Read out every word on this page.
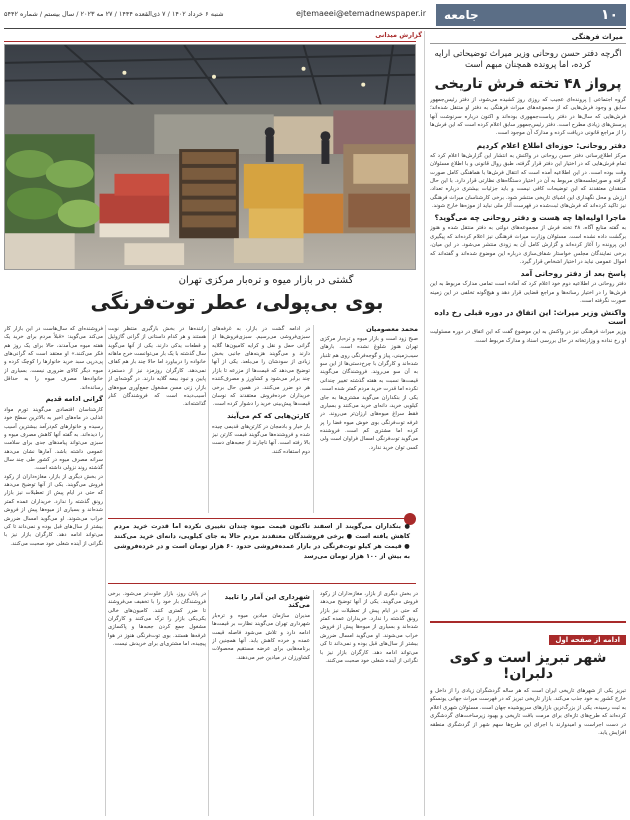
۱۰
جامعه
ejtemaeei@etemadnewspaper.ir
شنبه ۶ خرداد ۱۴۰۲ / ۷ ذی‌القعده ۱۴۴۴ / ۲۷ مه ۲۰۲۳ / سال بیستم / شماره ۵۴۴۲
میراث فرهنگی
اگرچه دفتر حسن روحانی وزیر میراث توضیحاتی ارایه کرده، اما پرونده همچنان مبهم است
پرواز ۴۸ تخته فرش تاریخی

گروه اجتماعی | پرونده‌ای عجیب که روزی روز کشیده می‌شود، از دفتر رئیس‌جمهور سابق و وجود فرش‌هایی که از مجموعه‌های میراث فرهنگی به دفتر او منتقل شده‌اند؛ فرش‌هایی که سال‌ها در دفتر ریاست‌جمهوری بوده‌اند و اکنون درباره سرنوشت آنها پرسش‌های زیادی مطرح است. دفتر رئیس‌جمهور سابق اعلام کرده است که این فرش‌ها را از مراجع قانونی دریافت کرده و مدارک آن موجود است.

دفتر روحانی: حوزه‌ای اطلاع اعلام کردیم

مرکز اطلاع‌رسانی دفتر حسن روحانی در واکنش به انتشار این گزارش‌ها اعلام کرد که تمام فرش‌هایی که در اختیار این دفتر قرار گرفته، طبق روال قانونی و با اطلاع مسئولان وقت بوده است. در این اطلاعیه آمده است که انتقال فرش‌ها با هماهنگی کامل صورت گرفته و صورتجلسه‌های مربوط به آن در اختیار دستگاه‌های نظارتی قرار دارد. با این حال منتقدان معتقدند که این توضیحات کافی نیست و باید جزئیات بیشتری درباره تعداد، ارزش و محل نگهداری این اشیای تاریخی منتشر شود. برخی کارشناسان میراث فرهنگی نیز تاکید کرده‌اند که فرش‌های ثبت‌شده در فهرست آثار ملی نباید از موزه‌ها خارج شوند.

ماجرا اولیه‌اها چه هست و دفتر روحانی چه می‌گوید؟

به گفته منابع آگاه، ۴۸ تخته فرش از مجموعه‌های دولتی به دفتر منتقل شده و هنوز برگشت داده نشده است. مسئولان وزارت میراث فرهنگی نیز اعلام کرده‌اند که پیگیری این پرونده را آغاز کرده‌اند و گزارش کامل آن به زودی منتشر می‌شود. در این میان، برخی نمایندگان مجلس خواستار شفاف‌سازی درباره این موضوع شده‌اند و گفته‌اند که اموال عمومی نباید در اختیار اشخاص قرار گیرد.

پاسخ بعد از دفتر روحانی آمد

دفتر روحانی در اطلاعیه دوم خود اعلام کرد که آماده است تمامی مدارک مربوط به این فرش‌ها را در اختیار رسانه‌ها و مراجع قضایی قرار دهد و هیچ‌گونه تخلفی در این زمینه صورت نگرفته است.

واکنش وزیر میراث: این اتفاق در دوره قبلی رخ داده است

وزیر میراث فرهنگی نیز در واکنش به این موضوع گفت که این اتفاق در دوره مسئولیت او رخ نداده و وزارتخانه در حال بررسی اسناد و مدارک مربوط است.

ادامه از صفحه اول
شهر تبریز است و کوی دلبران!

تبریز یکی از شهرهای تاریخی ایران است که هر ساله گردشگران زیادی را از داخل و خارج کشور به خود جذب می‌کند. بازار تاریخی تبریز که در فهرست میراث جهانی یونسکو به ثبت رسیده، یکی از بزرگ‌ترین بازارهای سرپوشیده جهان است. مسئولان شهری اعلام کرده‌اند که طرح‌های تازه‌ای برای مرمت بافت تاریخی و بهبود زیرساخت‌های گردشگری در دست اجراست و امیدوارند با اجرای این طرح‌ها سهم شهر از گردشگری منطقه افزایش یابد.

گزارش میدانی
گشتی در بازار میوه و تره‌بار مرکزی تهران
بوی بی‌پولی، عطر توت‌فرنگی
محمد معصومیان

صبح زود است و بازار میوه و تره‌بار مرکزی تهران هنوز شلوغ نشده است. بارهای سیب‌زمینی، پیاز و گوجه‌فرنگی روی هم تلنبار شده‌اند و کارگران با چرخ‌دستی‌ها از این سو به آن سو می‌روند. فروشندگان می‌گویند قیمت‌ها نسبت به هفته گذشته تغییر چندانی نکرده اما قدرت خرید مردم کمتر شده است. یکی از بنکداران می‌گوید مشتری‌ها به جای کیلویی خرید، دانه‌ای خرید می‌کنند و بسیاری فقط سراغ میوه‌های ارزان‌تر می‌روند. در غرفه توت‌فرنگی بوی خوش میوه فضا را پر کرده اما مشتری کم است. فروشنده می‌گوید توت‌فرنگی امسال فراوان است ولی کسی توان خرید ندارد.

در ادامه گشت در بازار، به غرفه‌های سبزی‌فروشی می‌رسیم. سبزی‌فروش‌ها از گرانی حمل و نقل و کرایه کامیون‌ها گلایه دارند و می‌گویند هزینه‌های جانبی بخش زیادی از سودشان را می‌بلعد. یکی از آنها توضیح می‌دهد که قیمت‌ها از مزرعه تا بازار چند برابر می‌شود و کشاورز و مصرف‌کننده هر دو ضرر می‌کنند. در همین حال برخی خریداران خرده‌فروش معتقدند که نوسان قیمت‌ها پیش‌بینی خرید را دشوار کرده است.

کارتن‌هایی که کم می‌آیند

بار خیار و بادمجان در کارتن‌های قدیمی چیده شده و فروشنده‌ها می‌گویند قیمت کارتن نیز بالا رفته است. آنها ناچارند از جعبه‌های دست دوم استفاده کنند.

راننده‌ها در بخش بارگیری منتظر نوبت هستند و هر کدام داستانی از گرانی گازوئیل و قطعات یدکی دارند. یکی از آنها می‌گوید سال گذشته با یک بار می‌توانست خرج ماهانه خانواده را دربیاورد اما حالا چند بار هم کفاف نمی‌دهد. کارگران روزمزد نیز از دستمزد پایین و نبود بیمه گلایه دارند. در گوشه‌ای از بازار، زنی مسن مشغول جمع‌آوری میوه‌های آسیب‌دیده است که فروشندگان کنار گذاشته‌اند.

فروشنده‌ای که سال‌هاست در این بازار کار می‌کند می‌گوید: «قبلاً مردم برای خرید یک هفته میوه می‌آمدند، حالا برای یک روز هم فکر می‌کنند.» او معتقد است که گرانی‌های پی‌درپی سبد خرید خانوارها را کوچک کرده و میوه دیگر کالای ضروری نیست. بسیاری از خانواده‌ها مصرف میوه را به حداقل رسانده‌اند.

گرانی ادامه قدیم

کارشناسان اقتصادی می‌گویند تورم مواد غذایی در ماه‌های اخیر به بالاترین سطح خود رسیده و خانوارهای کم‌درآمد بیشترین آسیب را دیده‌اند. به گفته آنها کاهش مصرف میوه و سبزی می‌تواند پیامدهای جدی برای سلامت عمومی داشته باشد. آمارها نشان می‌دهد سرانه مصرف میوه در کشور طی چند سال گذشته روند نزولی داشته است.

در بخش دیگری از بازار، مغازه‌داران از رکود فروش می‌گویند. یکی از آنها توضیح می‌دهد که حتی در ایام پیش از تعطیلات نیز بازار رونق گذشته را ندارد. خریداران عمده کمتر شده‌اند و بسیاری از میوه‌ها پیش از فروش خراب می‌شوند. او می‌گوید امسال ضررش بیشتر از سال‌های قبل بوده و نمی‌داند تا کی می‌تواند ادامه دهد. کارگران بازار نیز با نگرانی از آینده شغلی خود صحبت می‌کنند.

● بنکداران می‌گویند از اسفند تاکنون قیمت میوه چندان تغییری نکرده اما قدرت خرید مردم کاهش یافته است ● برخی فروشندگان معتقدند مردم حالا به جای کیلویی، دانه‌ای خرید می‌کنند ● قیمت هر کیلو توت‌فرنگی در بازار عمده‌فروشی حدود ۶۰ هزار تومان است و در خرده‌فروشی به بیش از ۱۰۰ هزار تومان می‌رسد

در بخش دیگری از بازار، مغازه‌داران از رکود فروش می‌گویند. یکی از آنها توضیح می‌دهد که حتی در ایام پیش از تعطیلات نیز بازار رونق گذشته را ندارد. خریداران عمده کمتر شده‌اند و بسیاری از میوه‌ها پیش از فروش خراب می‌شوند. او می‌گوید امسال ضررش بیشتر از سال‌های قبل بوده و نمی‌داند تا کی می‌تواند ادامه دهد. کارگران بازار نیز با نگرانی از آینده شغلی خود صحبت می‌کنند.

شهرداری این آمار را تایید می‌کند

مدیران سازمان میادین میوه و تره‌بار شهرداری تهران می‌گویند نظارت بر قیمت‌ها ادامه دارد و تلاش می‌شود فاصله قیمت عمده و خرده کاهش یابد. آنها همچنین از برنامه‌هایی برای عرضه مستقیم محصولات کشاورزان در میادین خبر می‌دهند.

در پایان روز، بازار خلوت‌تر می‌شود. برخی فروشندگان بار خود را با تخفیف می‌فروشند تا ضرر کمتری کنند. کامیون‌های خالی یکی‌یکی بازار را ترک می‌کنند و کارگران مشغول جمع کردن جعبه‌ها و پاکسازی غرفه‌ها هستند. بوی توت‌فرنگی هنوز در هوا پیچیده، اما مشتری‌ای برای خریدش نیست.
